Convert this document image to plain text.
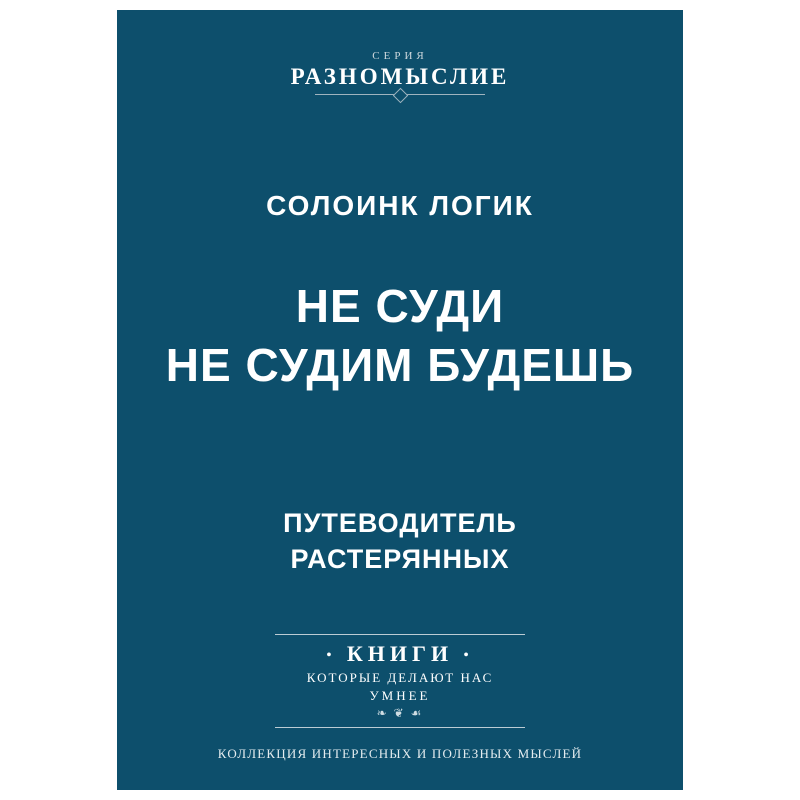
СЕРИЯ
РАЗНОМЫСЛИЕ
СОЛОИНК ЛОГИК
НЕ СУДИ
НЕ СУДИМ БУДЕШЬ
ПУТЕВОДИТЕЛЬ
РАСТЕРЯННЫХ
• КНИГИ •
КОТОРЫЕ ДЕЛАЮТ НАС
УМНЕЕ
❧ ❦ ☙
КОЛЛЕКЦИЯ ИНТЕРЕСНЫХ И ПОЛЕЗНЫХ МЫСЛЕЙ
